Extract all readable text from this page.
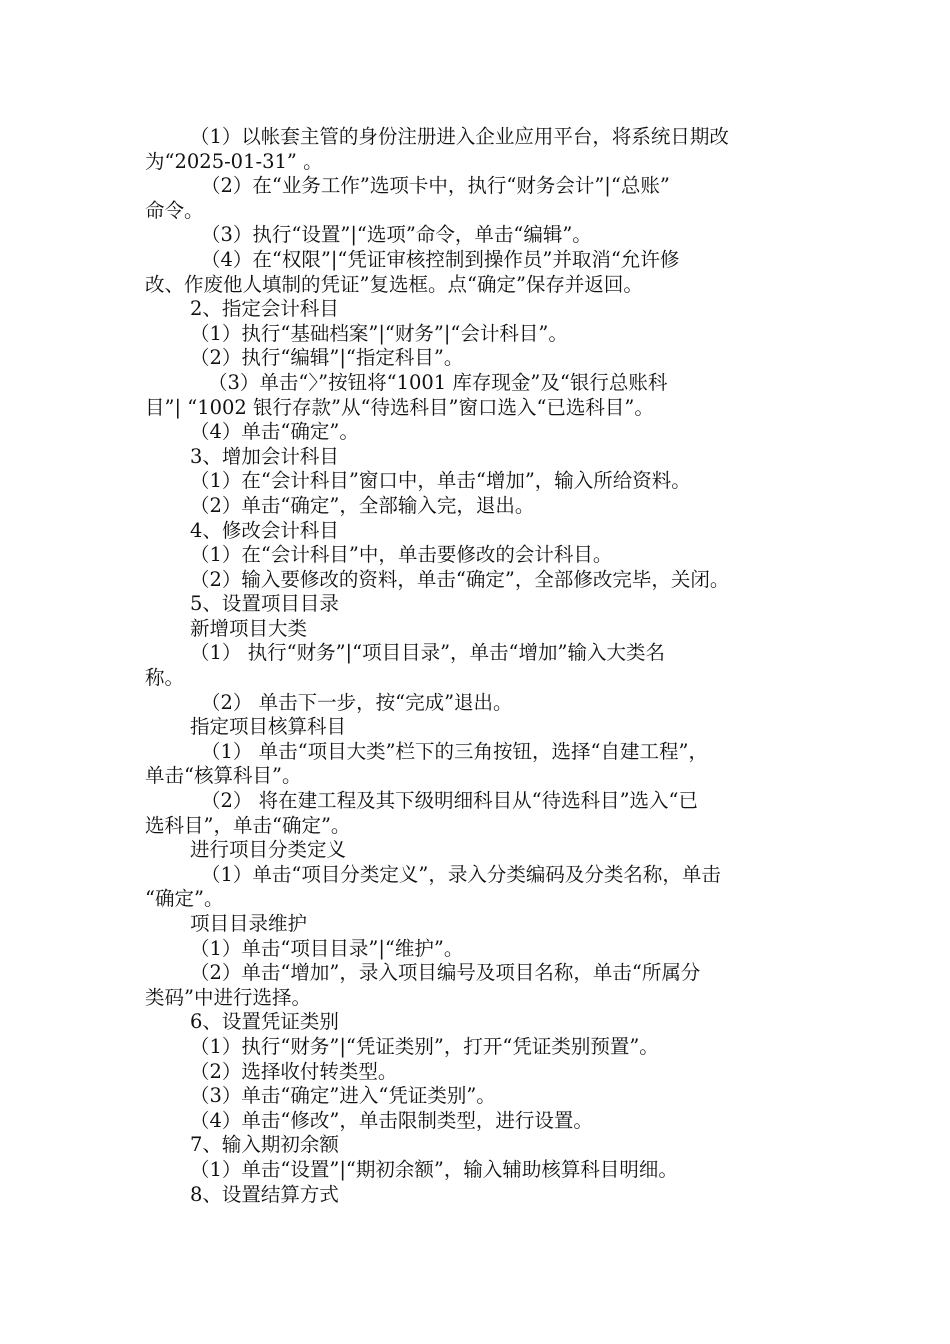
（1）以帐套主管的身份注册进入企业应用平台，将系统日期改
为“2025-01-31” 。
（2）在“业务工作”选项卡中，执行“财务会计”|“总账”
命令。
（3）执行“设置”|“选项”命令，单击“编辑”。
（4）在“权限”|“凭证审核控制到操作员”并取消“允许修
改、作废他人填制的凭证”复选框。点“确定”保存并返回。
2、指定会计科目
（1）执行“基础档案”|“财务”|“会计科目”。
（2）执行“编辑”|“指定科目”。
（3）单击“〉”按钮将“1001 库存现金”及“银行总账科
目”| “1002 银行存款”从“待选科目”窗口选入“已选科目”。
（4）单击“确定”。
3、增加会计科目
（1）在“会计科目”窗口中，单击“增加”，输入所给资料。
（2）单击“确定”，全部输入完，退出。
4、修改会计科目
（1）在“会计科目”中，单击要修改的会计科目。
（2）输入要修改的资料，单击“确定”，全部修改完毕，关闭。
5、设置项目目录
新增项目大类
（1） 执行“财务”|“项目目录”，单击“增加”输入大类名
称。
（2） 单击下一步，按“完成”退出。
指定项目核算科目
（1） 单击“项目大类”栏下的三角按钮，选择“自建工程”，
单击“核算科目”。
（2） 将在建工程及其下级明细科目从“待选科目”选入“已
选科目”，单击“确定”。
进行项目分类定义
（1）单击“项目分类定义”，录入分类编码及分类名称，单击
“确定”。
项目目录维护
（1）单击“项目目录”|“维护”。
（2）单击“增加”，录入项目编号及项目名称，单击“所属分
类码”中进行选择。
6、设置凭证类别
（1）执行“财务”|“凭证类别”，打开“凭证类别预置”。
（2）选择收付转类型。
（3）单击“确定”进入“凭证类别”。
（4）单击“修改”，单击限制类型，进行设置。
7、输入期初余额
（1）单击“设置”|“期初余额”，输入辅助核算科目明细。
8、设置结算方式
